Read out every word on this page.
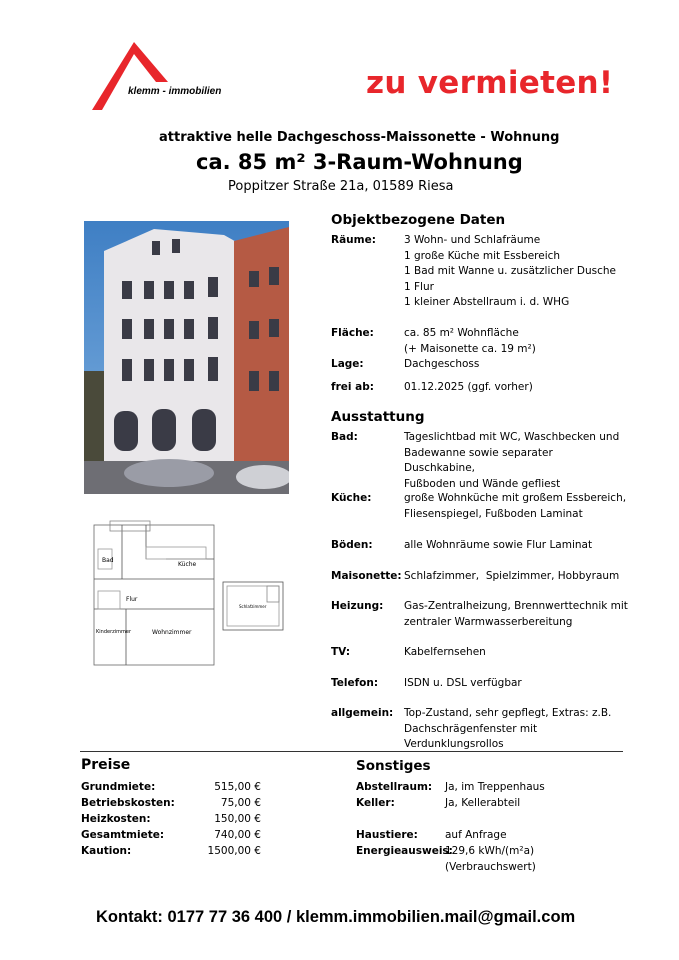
klemm - immobilien	zu vermieten!
attraktive helle Dachgeschoss-Maissonette - Wohnung
ca. 85 m² 3-Raum-Wohnung
Poppitzer Straße 21a, 01589 Riesa
Bad
Küche
Flur
Kinderzimmer	Wohnzimmer
Schlafzimmer
Objektbezogene Daten
Räume:	3 Wohn- und Schlafräume
1 große Küche mit Essbereich
1 Bad mit Wanne u. zusätzlicher Dusche
1 Flur
1 kleiner Abstellraum i. d. WHG
Fläche:	ca. 85 m² Wohnfläche
(+ Maisonette ca. 19 m²)
Lage:	Dachgeschoss
frei ab:	01.12.2025 (ggf. vorher)
Ausstattung
Bad:	Tageslichtbad mit WC, Waschbecken und
Badewanne sowie separater Duschkabine,
Fußboden und Wände gefliest
Küche:	große Wohnküche mit großem Essbereich,
Fliesenspiegel, Fußboden Laminat
Böden:	alle Wohnräume sowie Flur Laminat
Maisonette: Schlafzimmer,  Spielzimmer, Hobbyraum
Heizung: Gas-Zentralheizung, Brennwerttechnik mit
zentraler Warmwasserbereitung
TV:	Kabelfernsehen
Telefon: ISDN u. DSL verfügbar
allgemein: Top-Zustand, sehr gepflegt, Extras: z.B.
Dachschrägenfenster mit
Verdunklungsrollos
Preise
Grundmiete:	515,00 €
Betriebskosten:	75,00 €
Heizkosten:	150,00 €
Gesamtmiete:	740,00 €
Kaution:	1500,00 €
Sonstiges
Abstellraum: Ja, im Treppenhaus
Keller:	Ja, Kellerabteil
Haustiere:	auf Anfrage
Energieausweis:
129,6 kWh/(m²a)
(Verbrauchswert)
Kontakt: 0177 77 36 400 / klemm.immobilien.mail@gmail.com
